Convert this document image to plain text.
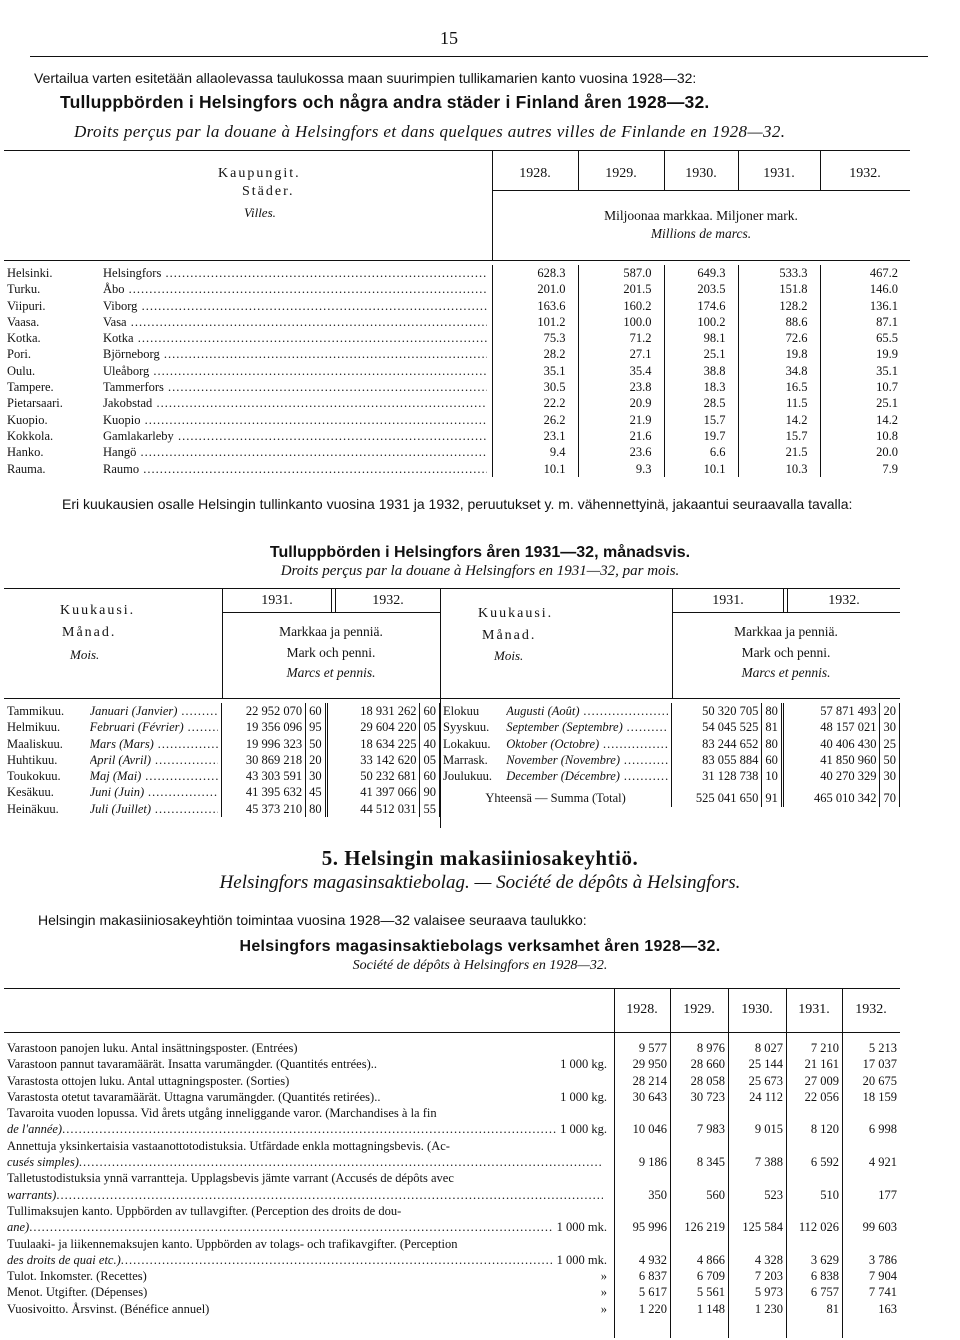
15
Vertailua varten esitetään allaolevassa taulukossa maan suurimpien tullikamarien kanto vuosina 1928—32:
Tulluppbörden i Helsingfors och några andra städer i Finland åren 1928—32.
Droits perçus par la douane à Helsingfors et dans quelques autres villes de Finlande en 1928—32.
Kaupungit.
Städer.
Villes.
1928.	1929.	1930.	1931.	1932.
Miljoonaa markkaa. Miljoner mark.
Millions de marcs.
Helsinki.	Helsingfors .....	628.3	587.0	649.3	533.3	467.2
Turku.	Åbo .....	201.0	201.5	203.5	151.8	146.0
Viipuri.	Viborg .....	163.6	160.2	174.6	128.2	136.1
Vaasa.	Vasa .....	101.2	100.0	100.2	88.6	87.1
Kotka.	Kotka .....	75.3	71.2	98.1	72.6	65.5
Pori.	Björneborg .....	28.2	27.1	25.1	19.8	19.9
Oulu.	Uleåborg .....	35.1	35.4	38.8	34.8	35.1
Tampere.	Tammerfors .....	30.5	23.8	18.3	16.5	10.7
Pietarsaari.	Jakobstad .....	22.2	20.9	28.5	11.5	25.1
Kuopio.	Kuopio .....	26.2	21.9	15.7	14.2	14.2
Kokkola.	Gamlakarleby .....	23.1	21.6	19.7	15.7	10.8
Hanko.	Hangö .....	9.4	23.6	6.6	21.5	20.0
Rauma.	Raumo .....	10.1	9.3	10.1	10.3	7.9
Eri kuukausien osalle Helsingin tullinkanto vuosina 1931 ja 1932, peruutukset y. m. vähennettyinä, jakaantui seuraavalla tavalla:
Tulluppbörden i Helsingfors åren 1931—32, månadsvis.
Droits perçus par la douane à Helsingfors en 1931—32, par mois.
Kuukausi.
Månad.
Mois.
1931.	1932.
Markkaa ja penniä.
Mark och penni.
Marcs et pennis.
Kuukausi.
Månad.
Mois.
1931.	1932.
Markkaa ja penniä.
Mark och penni.
Marcs et pennis.
Tammikuu.	Januari (Janvier) .....	22 952 070	60	18 931 262	60
Helmikuu.	Februari (Février) .....	19 356 096	95	29 604 220	05
Maaliskuu.	Mars (Mars) .....	19 996 323	50	18 634 225	40
Huhtikuu.	April (Avril) .....	30 869 218	20	33 142 620	05
Toukokuu.	Maj (Mai) .....	43 303 591	30	50 232 681	60
Kesäkuu.	Juni (Juin) .....	41 395 632	45	41 397 066	90
Heinäkuu.	Juli (Juillet) .....	45 373 210	80	44 512 031	55
Elokuu	Augusti (Août) .....	50 320 705	80	57 871 493	20
Syyskuu.	September (Septembre) .....	54 045 525	81	48 157 021	30
Lokakuu.	Oktober (Octobre) .....	83 244 652	80	40 406 430	25
Marrask.	November (Novembre) .....	83 055 884	60	41 850 960	50
Joulukuu.	December (Décembre) .....	31 128 738	10	40 270 329	30
Yhteensä — Summa (Total)		525 041 650	91	465 010 342	70
5. Helsingin makasiiniosakeyhtiö.
Helsingfors magasinsaktiebolag. — Société de dépôts à Helsingfors.
Helsingin makasiiniosakeyhtiön toimintaa vuosina 1928—32 valaisee seuraava taulukko:
Helsingfors magasinsaktiebolags verksamhet åren 1928—32.
Société de dépôts à Helsingfors en 1928—32.
1928.	1929.	1930.	1931.	1932.
Varastoon panojen luku. Antal insättningsposter. (Entrées)	9 577	8 976	8 027	7 210	5 213

Varastoon pannut tavaramäärät. Insatta varumängder. (Quantités entrées).. 1 000 kg.	29 950	28 660	25 144	21 161	17 037

Varastosta ottojen luku. Antal uttagningsposter. (Sorties)	28 214	28 058	25 673	27 009	20 675

Varastosta otetut tavaramäärät. Uttagna varumängder. (Quantités retirées).. 1 000 kg.	30 643	30 723	24 112	22 056	18 159

Tavaroita vuoden lopussa. Vid årets utgång inneliggande varor. (Marchandises à la fin
de l'année) ..... 1 000 kg.	10 046	7 983	9 015	8 120	6 998

Annettuja yksinkertaisia vastaanottotodistuksia. Utfärdade enkla mottagningsbevis. (Ac-
cusés simples)
.....	9 186	8 345	7 388	6 592	4 921

Talletustodistuksia ynnä varrantteja. Upplagsbevis jämte varrant (Accusés de dépôts avec
warrants)
.....	350	560	523	510	177

Tullimaksujen kanto. Uppbörden av tullavgifter. (Perception des droits de dou-
ane) ..... 1 000 mk.	95 996	126 219	125 584	112 026	99 603

Tuulaaki- ja liikennemaksujen kanto. Uppbörden av tolags- och trafikavgifter. (Perception
des droits de quai etc.) ..... 1 000 mk.	4 932	4 866	4 328	3 629	3 786

Tulot. Inkomster. (Recettes) »	6 837	6 709	7 203	6 838	7 904

Menot. Utgifter. (Dépenses) »	5 617	5 561	5 973	6 757	7 741

Vuosivoitto. Årsvinst. (Bénéfice annuel) »	1 220	1 148	1 230	81	163
